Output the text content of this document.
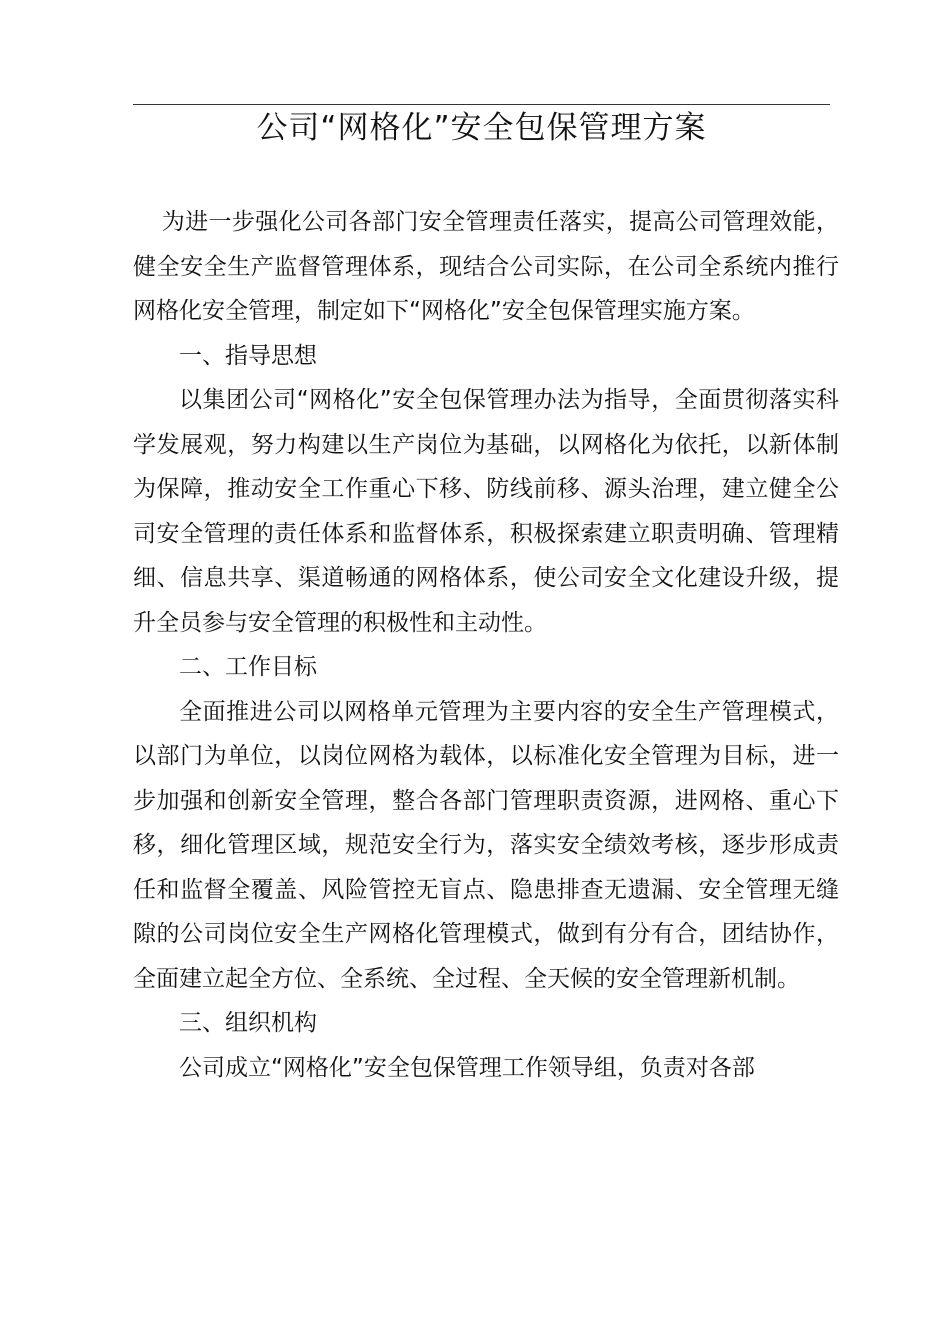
公司“网格化”安全包保管理方案

为进一步强化公司各部门安全管理责任落实，提高公司管理效能，健全安全生产监督管理体系，现结合公司实际，在公司全系统内推行网格化安全管理，制定如下“网格化”安全包保管理实施方案。

一、指导思想

以集团公司“网格化”安全包保管理办法为指导，全面贯彻落实科学发展观，努力构建以生产岗位为基础，以网格化为依托，以新体制为保障，推动安全工作重心下移、防线前移、源头治理，建立健全公司安全管理的责任体系和监督体系，积极探索建立职责明确、管理精细、信息共享、渠道畅通的网格体系，使公司安全文化建设升级，提升全员参与安全管理的积极性和主动性。

二、工作目标

全面推进公司以网格单元管理为主要内容的安全生产管理模式，以部门为单位，以岗位网格为载体，以标准化安全管理为目标，进一步加强和创新安全管理，整合各部门管理职责资源，进网格、重心下移，细化管理区域，规范安全行为，落实安全绩效考核，逐步形成责任和监督全覆盖、风险管控无盲点、隐患排查无遗漏、安全管理无缝隙的公司岗位安全生产网格化管理模式，做到有分有合，团结协作，全面建立起全方位、全系统、全过程、全天候的安全管理新机制。

三、组织机构

公司成立“网格化”安全包保管理工作领导组，负责对各部
